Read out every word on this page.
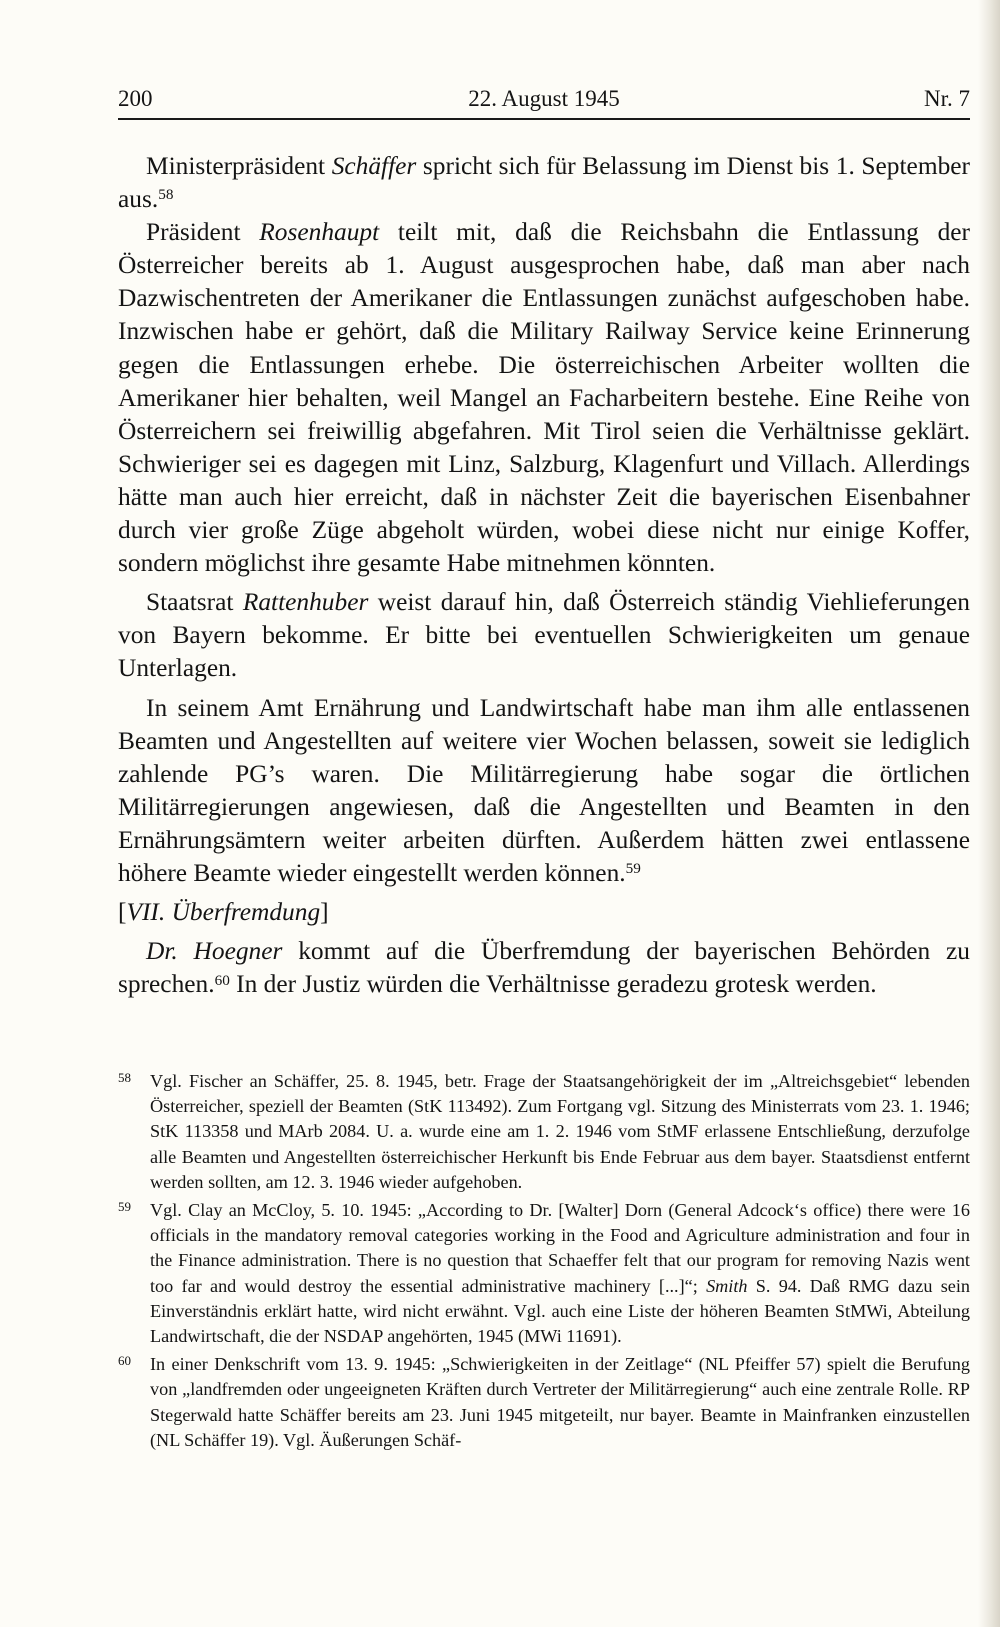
200	22. August 1945	Nr. 7

Ministerpräsident Schäffer spricht sich für Belassung im Dienst bis 1. September aus.$^{58}$

Präsident Rosenhaupt teilt mit, daß die Reichsbahn die Entlassung der Österreicher bereits ab 1. August ausgesprochen habe, daß man aber nach Dazwischentreten der Amerikaner die Entlassungen zunächst aufgeschoben habe. Inzwischen habe er gehört, daß die Military Railway Service keine Erinnerung gegen die Entlassungen erhebe. Die österreichischen Arbeiter wollten die Amerikaner hier behalten, weil Mangel an Facharbeitern bestehe. Eine Reihe von Österreichern sei freiwillig abgefahren. Mit Tirol seien die Verhältnisse geklärt. Schwieriger sei es dagegen mit Linz, Salzburg, Klagenfurt und Villach. Allerdings hätte man auch hier erreicht, daß in nächster Zeit die bayerischen Eisenbahner durch vier große Züge abgeholt würden, wobei diese nicht nur einige Koffer, sondern möglichst ihre gesamte Habe mitnehmen könnten.

Staatsrat Rattenhuber weist darauf hin, daß Österreich ständig Viehlieferungen von Bayern bekomme. Er bitte bei eventuellen Schwierigkeiten um genaue Unterlagen.

In seinem Amt Ernährung und Landwirtschaft habe man ihm alle entlassenen Beamten und Angestellten auf weitere vier Wochen belassen, soweit sie lediglich zahlende PG’s waren. Die Militärregierung habe sogar die örtlichen Militärregierungen angewiesen, daß die Angestellten und Beamten in den Ernährungsämtern weiter arbeiten dürften. Außerdem hätten zwei entlassene höhere Beamte wieder eingestellt werden können.$^{59}$

[VII. Überfremdung]

Dr. Hoegner kommt auf die Überfremdung der bayerischen Behörden zu sprechen.$^{60}$ In der Justiz würden die Verhältnisse geradezu grotesk werden.

58 Vgl. Fischer an Schäffer, 25. 8. 1945, betr. Frage der Staatsangehörigkeit der im „Altreichsgebiet“ lebenden Österreicher, speziell der Beamten (StK 113492). Zum Fortgang vgl. Sitzung des Ministerrats vom 23. 1. 1946; StK 113358 und MArb 2084. U. a. wurde eine am 1. 2. 1946 vom StMF erlassene Entschließung, derzufolge alle Beamten und Angestellten österreichischer Herkunft bis Ende Februar aus dem bayer. Staatsdienst entfernt werden sollten, am 12. 3. 1946 wieder aufgehoben.
59 Vgl. Clay an McCloy, 5. 10. 1945: „According to Dr. [Walter] Dorn (General Adcock‘s office) there were 16 officials in the mandatory removal categories working in the Food and Agriculture administration and four in the Finance administration. There is no question that Schaeffer felt that our program for removing Nazis went too far and would destroy the essential administrative machinery [...]“; Smith S. 94. Daß RMG dazu sein Einverständnis erklärt hatte, wird nicht erwähnt. Vgl. auch eine Liste der höheren Beamten StMWi, Abteilung Landwirtschaft, die der NSDAP angehörten, 1945 (MWi 11691).
60 In einer Denkschrift vom 13. 9. 1945: „Schwierigkeiten in der Zeitlage“ (NL Pfeiffer 57) spielt die Berufung von „landfremden oder ungeeigneten Kräften durch Vertreter der Militärregierung“ auch eine zentrale Rolle. RP Stegerwald hatte Schäffer bereits am 23. Juni 1945 mitgeteilt, nur bayer. Beamte in Mainfranken einzustellen (NL Schäffer 19). Vgl. Äußerungen Schäf-
